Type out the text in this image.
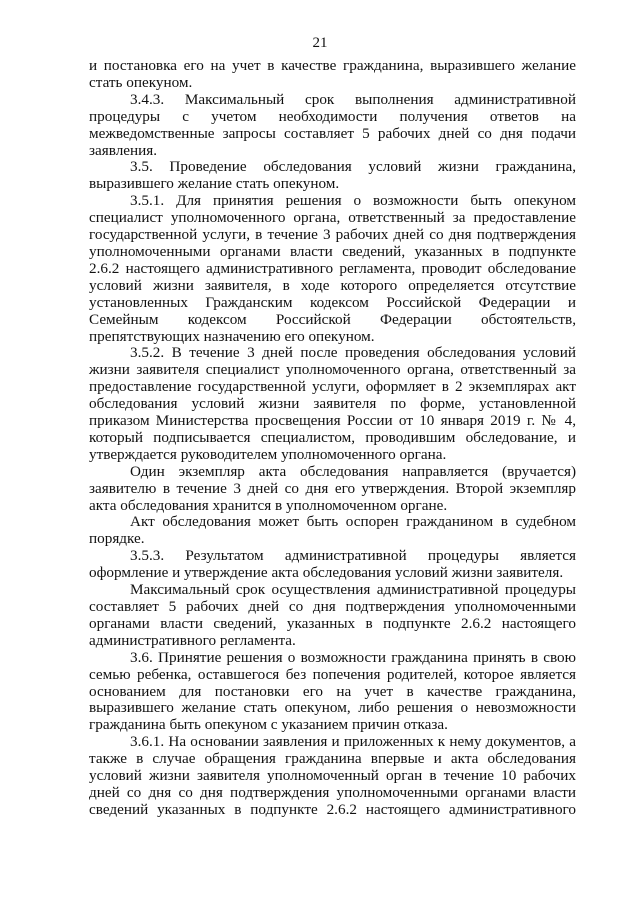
21

и постановка его на учет в качестве гражданина, выразившего желание стать опекуном.

3.4.3. Максимальный срок выполнения административной процедуры с учетом необходимости получения ответов на межведомственные запросы составляет 5 рабочих дней со дня подачи заявления.

3.5. Проведение обследования условий жизни гражданина, выразившего желание стать опекуном.

3.5.1. Для принятия решения о возможности быть опекуном специалист уполномоченного органа, ответственный за предоставление государственной услуги, в течение 3 рабочих дней со дня подтверждения уполномоченными органами власти сведений, указанных в подпункте 2.6.2 настоящего административного регламента, проводит обследование условий жизни заявителя, в ходе которого определяется отсутствие установленных Гражданским кодексом Российской Федерации и Семейным кодексом Российской Федерации обстоятельств, препятствующих назначению его опекуном.

3.5.2. В течение 3 дней после проведения обследования условий жизни заявителя специалист уполномоченного органа, ответственный за предоставление государственной услуги, оформляет в 2 экземплярах акт обследования условий жизни заявителя по форме, установленной приказом Министерства просвещения России от 10 января 2019 г. № 4, который подписывается специалистом, проводившим обследование, и утверждается руководителем уполномоченного органа.

Один экземпляр акта обследования направляется (вручается) заявителю в течение 3 дней со дня его утверждения. Второй экземпляр акта обследования хранится в уполномоченном органе.

Акт обследования может быть оспорен гражданином в судебном порядке.

3.5.3. Результатом административной процедуры является оформление и утверждение акта обследования условий жизни заявителя.

Максимальный срок осуществления административной процедуры составляет 5 рабочих дней со дня подтверждения уполномоченными органами власти сведений, указанных в подпункте 2.6.2 настоящего административного регламента.

3.6. Принятие решения о возможности гражданина принять в свою семью ребенка, оставшегося без попечения родителей, которое является основанием для постановки его на учет в качестве гражданина, выразившего желание стать опекуном, либо решения о невозможности гражданина быть опекуном с указанием причин отказа.

3.6.1. На основании заявления и приложенных к нему документов, а также в случае обращения гражданина впервые и акта обследования условий жизни заявителя уполномоченный орган в течение 10 рабочих дней со дня со дня подтверждения уполномоченными органами власти сведений указанных в подпункте 2.6.2 настоящего административного
